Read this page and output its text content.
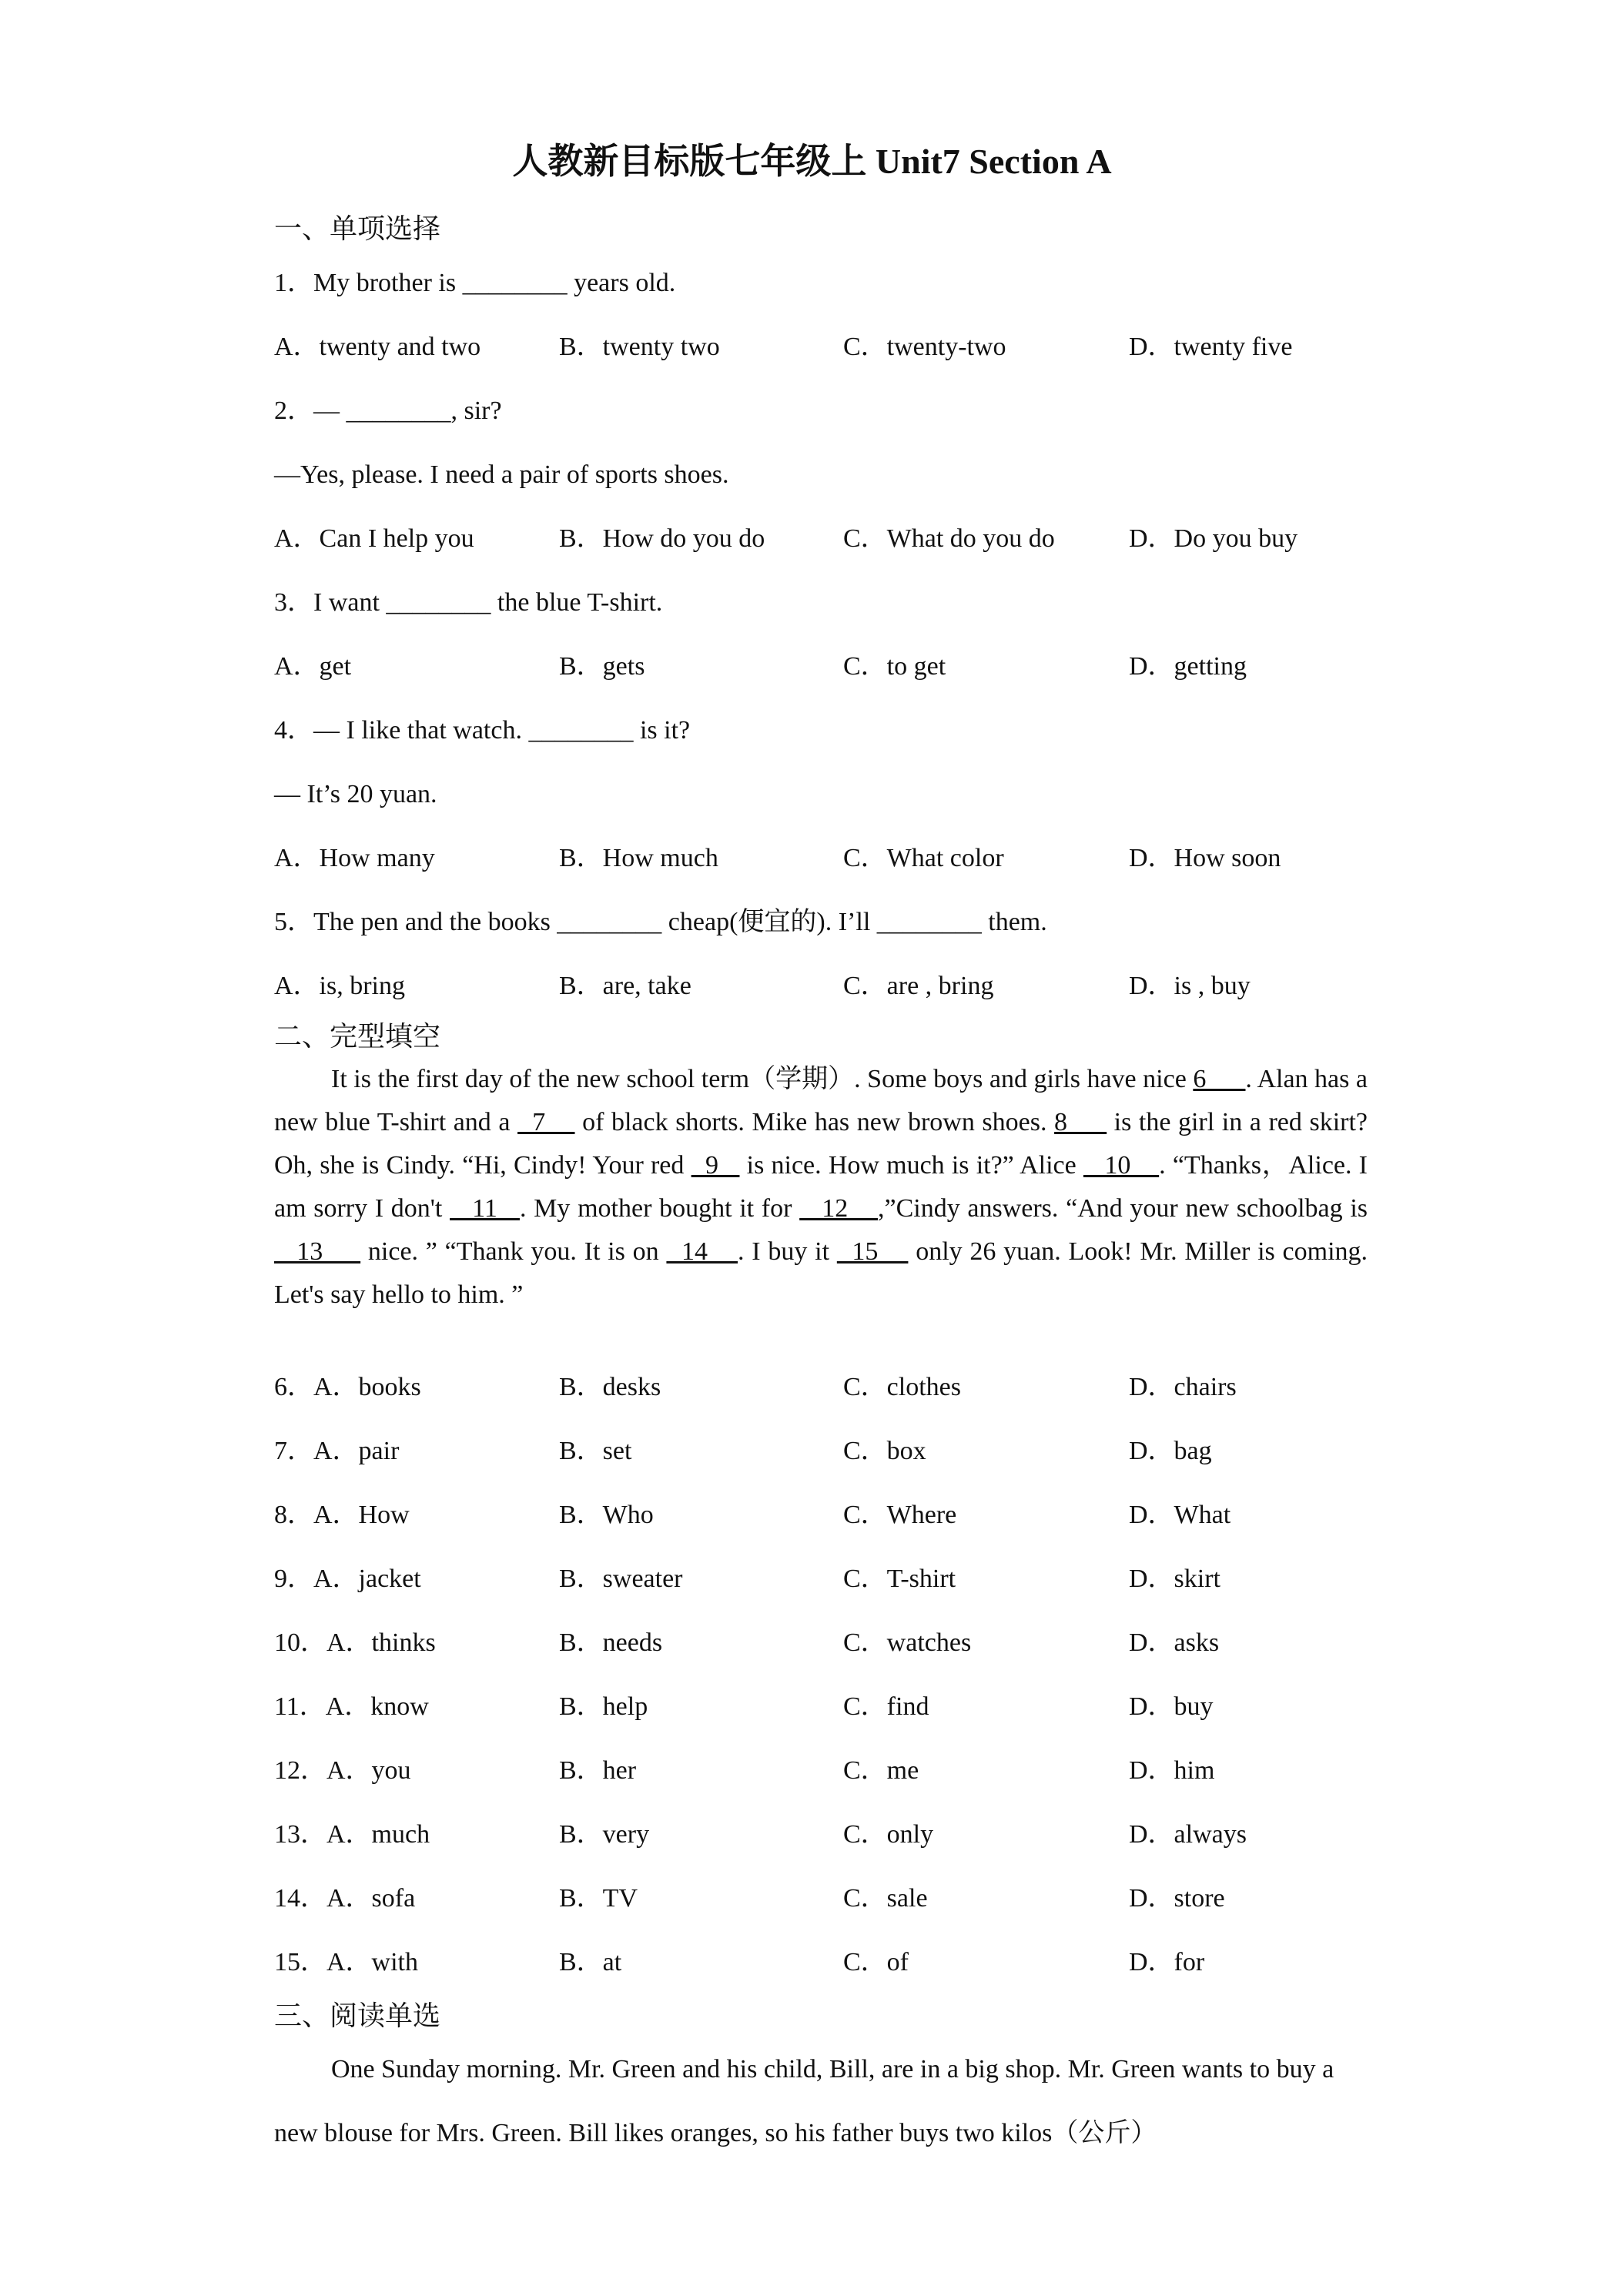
人教新目标版七年级上 Unit7 Section A
一、单项选择
1．My brother is ________ years old.
A．twenty and two	B．twenty two	C．twenty-two	D．twenty five
2．— ________, sir?
—Yes, please. I need a pair of sports shoes.
A．Can I help you	B．How do you do	C．What do you do	D．Do you buy
3．I want ________ the blue T-shirt.
A．get	B．gets	C．to get	D．getting
4．— I like that watch. ________ is it?
— It’s 20 yuan.
A．How many	B．How much	C．What color	D．How soon
5．The pen and the books ________ cheap(便宜的). I’ll ________ them.
A．is, bring	B．are, take	C．are , bring	D．is , buy
二、完型填空

It is the first day of the new school term（学期）. Some boys and girls have nice 6___. Alan has a new blue T-shirt and a   7     of black shorts. Mike has new brown shoes. 8___ is the girl in a red skirt? Oh, she is Cindy. “Hi, Cindy! Your red   9    is nice. How much is it?” Alice    10    . “Thanks，Alice. I am sorry I don't    11   . My mother bought it for    12    ,”Cindy answers. “And your new schoolbag is    13      nice. ” “Thank you. It is on   14    . I buy it   15     only 26 yuan. Look! Mr. Miller is coming. Let's say hello to him. ”

6．A．books	B．desks	C．clothes	D．chairs
7．A．pair	B．set	C．box	D．bag
8．A．How	B．Who	C．Where	D．What
9．A．jacket	B．sweater	C．T-shirt	D．skirt
10．A．thinks	B．needs	C．watches	D．asks
11．A．know	B．help	C．find	D．buy
12．A．you	B．her	C．me	D．him
13．A．much	B．very	C．only	D．always
14．A．sofa	B．TV	C．sale	D．store
15．A．with	B．at	C．of	D．for
三、阅读单选

One Sunday morning. Mr. Green and his child, Bill, are in a big shop. Mr. Green wants to buy a new blouse for Mrs. Green. Bill likes oranges, so his father buys two kilos（公斤）
